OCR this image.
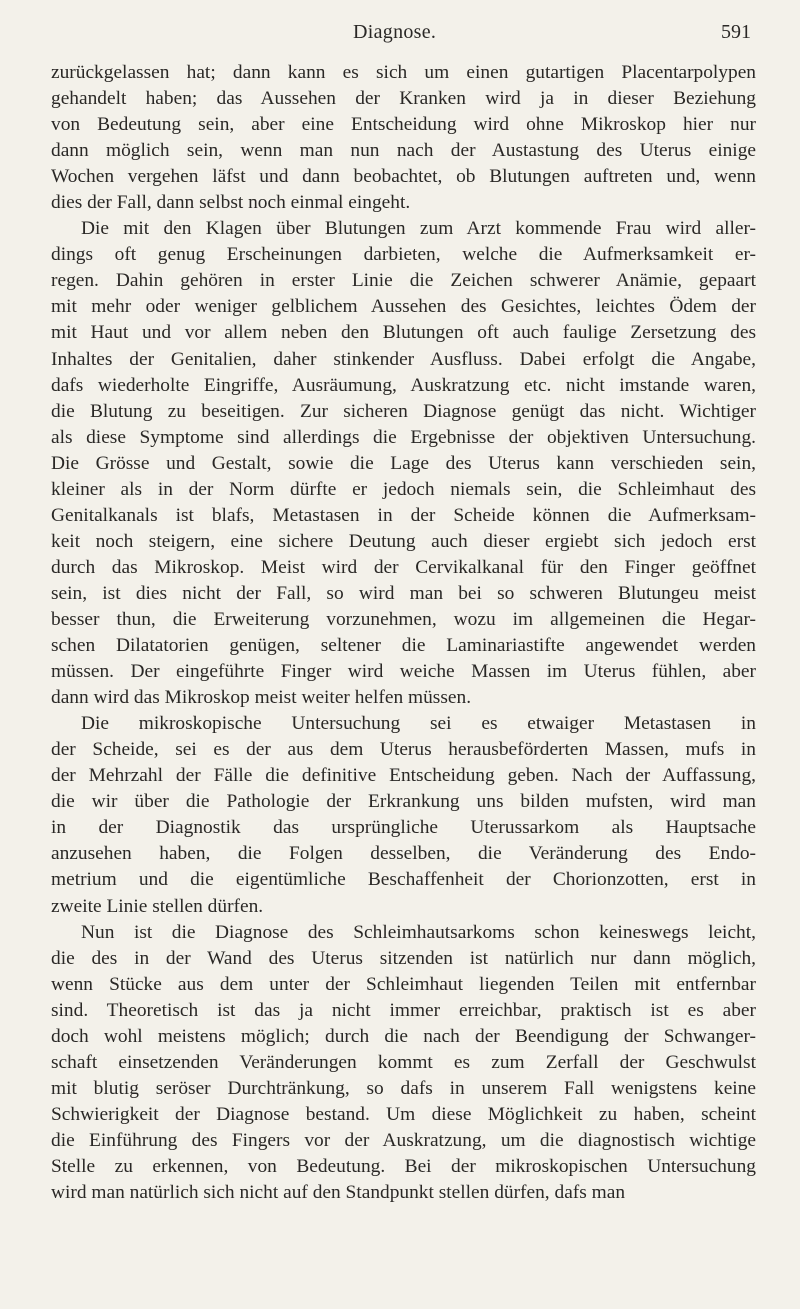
Diagnose.	591
zurückgelassen hat; dann kann es sich um einen gutartigen Placentarpolypen
gehandelt haben; das Aussehen der Kranken wird ja in dieser Beziehung
von Bedeutung sein, aber eine Entscheidung wird ohne Mikroskop hier nur
dann möglich sein, wenn man nun nach der Austastung des Uterus einige
Wochen vergehen läfst und dann beobachtet, ob Blutungen auftreten und, wenn
dies der Fall, dann selbst noch einmal eingeht.
Die mit den Klagen über Blutungen zum Arzt kommende Frau wird aller-
dings oft genug Erscheinungen darbieten, welche die Aufmerksamkeit er-
regen. Dahin gehören in erster Linie die Zeichen schwerer Anämie, gepaart
mit mehr oder weniger gelblichem Aussehen des Gesichtes, leichtes Ödem der
mit Haut und vor allem neben den Blutungen oft auch faulige Zersetzung des
Inhaltes der Genitalien, daher stinkender Ausfluss. Dabei erfolgt die Angabe,
dafs wiederholte Eingriffe, Ausräumung, Auskratzung etc. nicht imstande waren,
die Blutung zu beseitigen. Zur sicheren Diagnose genügt das nicht. Wichtiger
als diese Symptome sind allerdings die Ergebnisse der objektiven Untersuchung.
Die Grösse und Gestalt, sowie die Lage des Uterus kann verschieden sein,
kleiner als in der Norm dürfte er jedoch niemals sein, die Schleimhaut des
Genitalkanals ist blafs, Metastasen in der Scheide können die Aufmerksam-
keit noch steigern, eine sichere Deutung auch dieser ergiebt sich jedoch erst
durch das Mikroskop. Meist wird der Cervikalkanal für den Finger geöffnet
sein, ist dies nicht der Fall, so wird man bei so schweren Blutungeu meist
besser thun, die Erweiterung vorzunehmen, wozu im allgemeinen die Hegar-
schen Dilatatorien genügen, seltener die Laminariastifte angewendet werden
müssen. Der eingeführte Finger wird weiche Massen im Uterus fühlen, aber
dann wird das Mikroskop meist weiter helfen müssen.
Die mikroskopische Untersuchung sei es etwaiger Metastasen in
der Scheide, sei es der aus dem Uterus herausbeförderten Massen, mufs in
der Mehrzahl der Fälle die definitive Entscheidung geben. Nach der Auffassung,
die wir über die Pathologie der Erkrankung uns bilden mufsten, wird man
in der Diagnostik das ursprüngliche Uterussarkom als Hauptsache
anzusehen haben, die Folgen desselben, die Veränderung des Endo-
metrium und die eigentümliche Beschaffenheit der Chorionzotten, erst in
zweite Linie stellen dürfen.
Nun ist die Diagnose des Schleimhautsarkoms schon keineswegs leicht,
die des in der Wand des Uterus sitzenden ist natürlich nur dann möglich,
wenn Stücke aus dem unter der Schleimhaut liegenden Teilen mit entfernbar
sind. Theoretisch ist das ja nicht immer erreichbar, praktisch ist es aber
doch wohl meistens möglich; durch die nach der Beendigung der Schwanger-
schaft einsetzenden Veränderungen kommt es zum Zerfall der Geschwulst
mit blutig seröser Durchtränkung, so dafs in unserem Fall wenigstens keine
Schwierigkeit der Diagnose bestand. Um diese Möglichkeit zu haben, scheint
die Einführung des Fingers vor der Auskratzung, um die diagnostisch wichtige
Stelle zu erkennen, von Bedeutung. Bei der mikroskopischen Untersuchung
wird man natürlich sich nicht auf den Standpunkt stellen dürfen, dafs man
